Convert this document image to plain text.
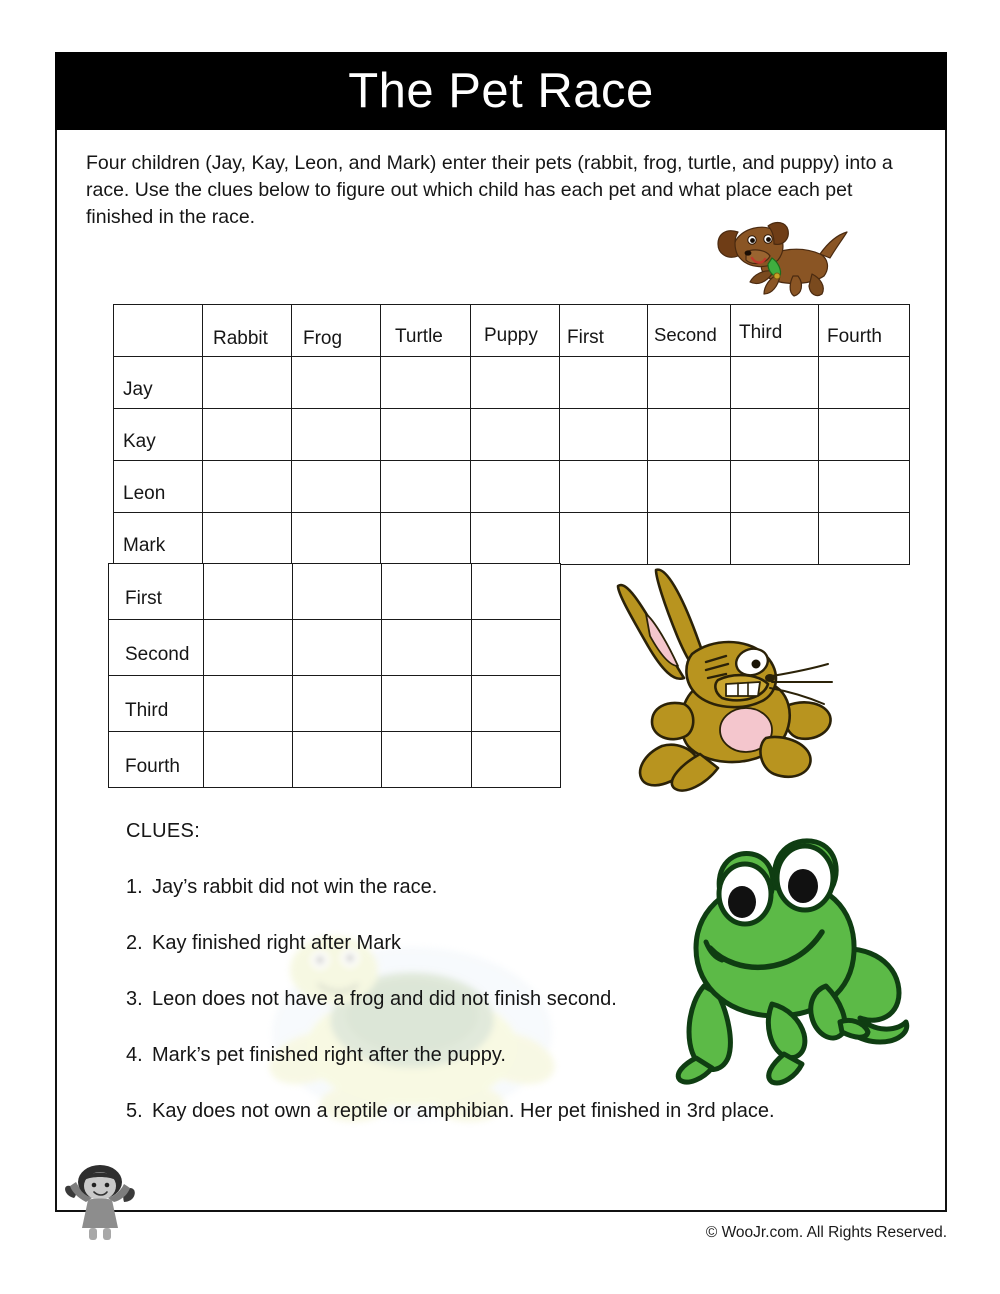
The Pet Race
Four children (Jay, Kay, Leon, and Mark) enter their pets (rabbit, frog, turtle, and puppy) into a race. Use the clues below to figure out which child has each pet and what place each pet finished in the race.

	Rabbit	Frog	Turtle	Puppy	First	Second	Third	Fourth

Jay								

Kay								

Leon								

Mark								

First				

Second				

Third				

Fourth				

CLUES:
1. Jay’s rabbit did not win the race.
2. Kay finished right after Mark
3. Leon does not have a frog and did not finish second.
4. Mark’s pet finished right after the puppy.
5. Kay does not own a reptile or amphibian. Her pet finished in 3rd place.
© WooJr.com. All Rights Reserved.
